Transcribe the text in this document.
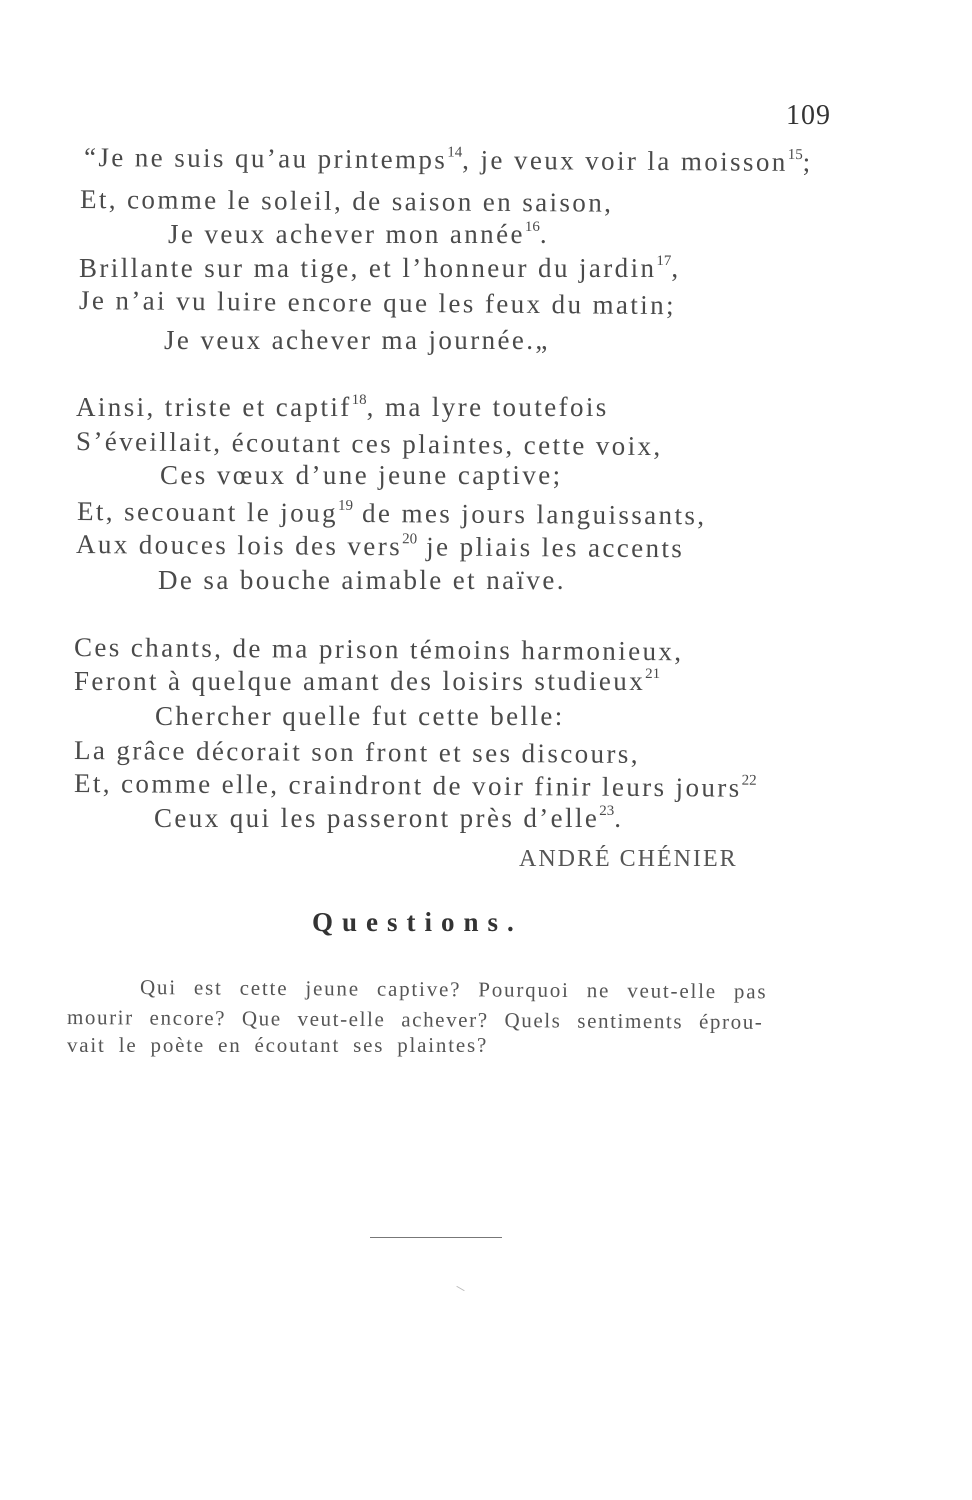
109
“Je ne suis qu’au printemps$^{14}$, je veux voir la moisson$^{15}$;
Et, comme le soleil, de saison en saison,
Je veux achever mon année$^{16}$.
Brillante sur ma tige, et l’honneur du jardin$^{17}$,
Je n’ai vu luire encore que les feux du matin;
Je veux achever ma journée.„
Ainsi, triste et captif$^{18}$, ma lyre toutefois
S’éveillait, écoutant ces plaintes, cette voix,
Ces vœux d’une jeune captive;
Et, secouant le joug$^{19}$ de mes jours languissants,
Aux douces lois des vers$^{20}$ je pliais les accents
De sa bouche aimable et naïve.
Ces chants, de ma prison témoins harmonieux,
Feront à quelque amant des loisirs studieux$^{21}$
Chercher quelle fut cette belle:
La grâce décorait son front et ses discours,
Et, comme elle, craindront de voir finir leurs jours$^{22}$
Ceux qui les passeront près d’elle$^{23}$.
ANDRÉ CHÉNIER
Questions.
Qui est cette jeune captive? Pourquoi ne veut-elle pas
mourir encore? Que veut-elle achever? Quels sentiments éprou-
vait le poète en écoutant ses plaintes?
